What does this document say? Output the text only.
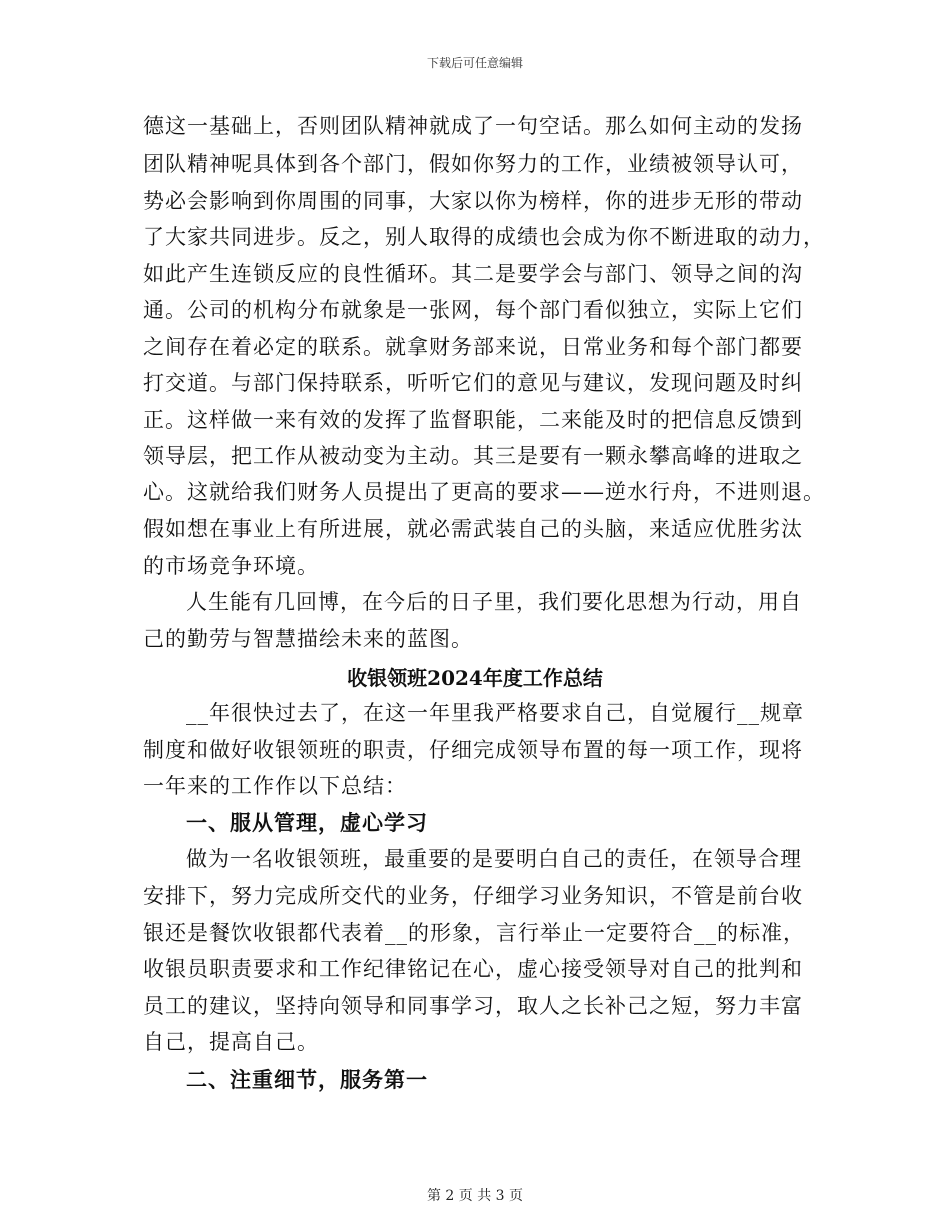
下载后可任意编辑
德这一基础上，否则团队精神就成了一句空话。那么如何主动的发扬
团队精神呢具体到各个部门，假如你努力的工作，业绩被领导认可，
势必会影响到你周围的同事，大家以你为榜样，你的进步无形的带动
了大家共同进步。反之，别人取得的成绩也会成为你不断进取的动力，
如此产生连锁反应的良性循环。其二是要学会与部门、领导之间的沟
通。公司的机构分布就象是一张网，每个部门看似独立，实际上它们
之间存在着必定的联系。就拿财务部来说，日常业务和每个部门都要
打交道。与部门保持联系，听听它们的意见与建议，发现问题及时纠
正。这样做一来有效的发挥了监督职能，二来能及时的把信息反馈到
领导层，把工作从被动变为主动。其三是要有一颗永攀高峰的进取之
心。这就给我们财务人员提出了更高的要求——逆水行舟，不进则退。
假如想在事业上有所进展，就必需武装自己的头脑，来适应优胜劣汰
的市场竞争环境。
人生能有几回博，在今后的日子里，我们要化思想为行动，用自
己的勤劳与智慧描绘未来的蓝图。
收银领班2024年度工作总结
__年很快过去了，在这一年里我严格要求自己，自觉履行__规章
制度和做好收银领班的职责，仔细完成领导布置的每一项工作，现将
一年来的工作作以下总结：
一、服从管理，虚心学习
做为一名收银领班，最重要的是要明白自己的责任，在领导合理
安排下，努力完成所交代的业务，仔细学习业务知识，不管是前台收
银还是餐饮收银都代表着__的形象，言行举止一定要符合__的标准，
收银员职责要求和工作纪律铭记在心，虚心接受领导对自己的批判和
员工的建议，坚持向领导和同事学习，取人之长补己之短，努力丰富
自己，提高自己。
二、注重细节，服务第一
第 2 页 共 3 页
